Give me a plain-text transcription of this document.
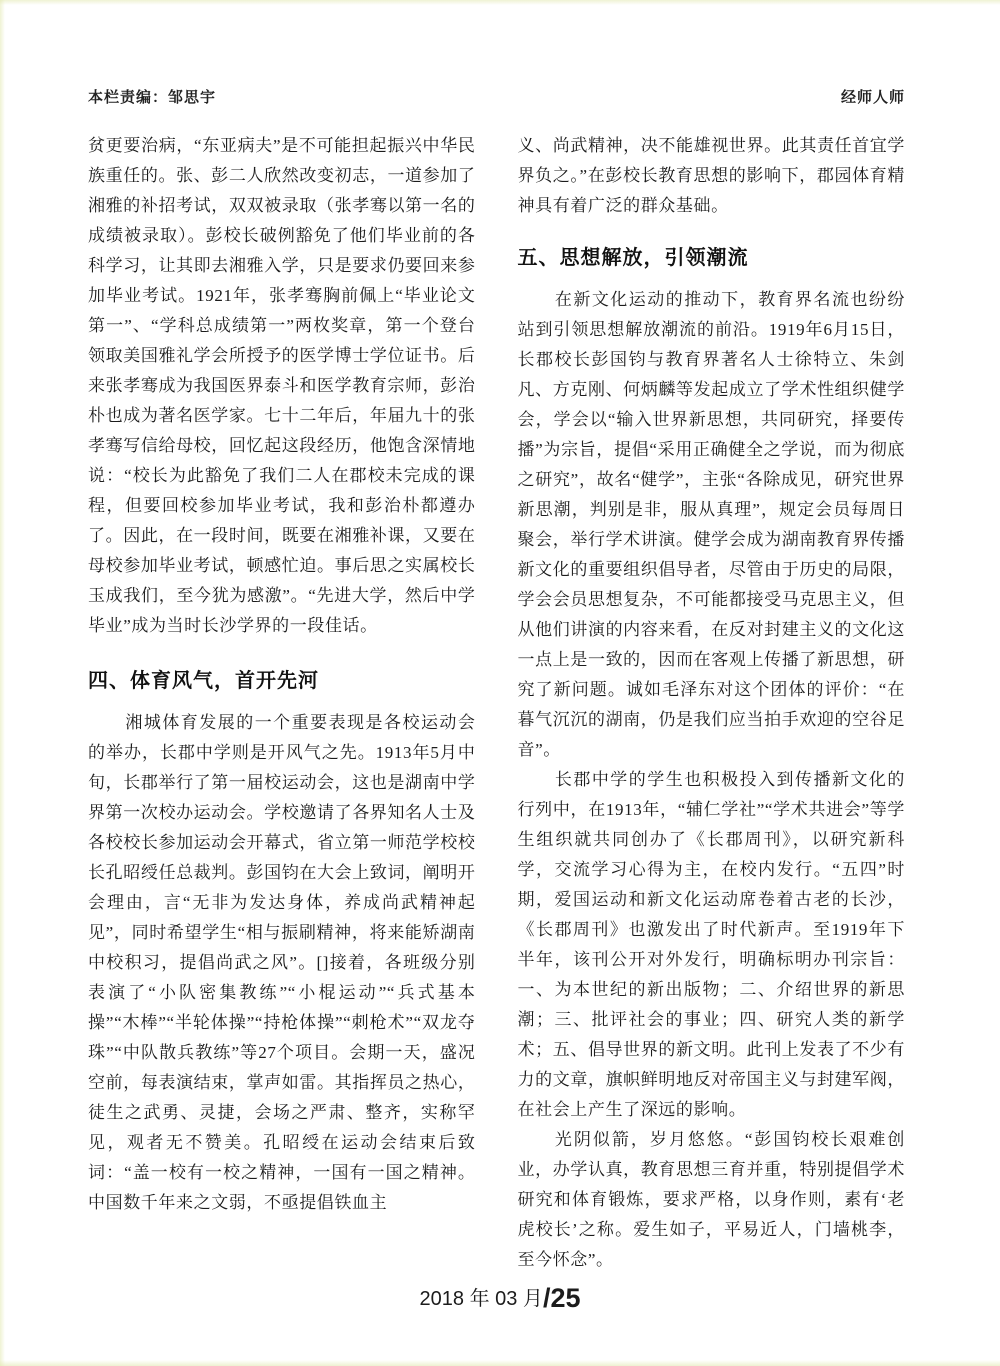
本栏责编：邹思宇	经师人师

贫更要治病，“东亚病夫”是不可能担起振兴中华民族重任的。张、彭二人欣然改变初志，一道参加了湘雅的补招考试，双双被录取（张孝骞以第一名的成绩被录取）。彭校长破例豁免了他们毕业前的各科学习，让其即去湘雅入学，只是要求仍要回来参加毕业考试。1921年，张孝骞胸前佩上“毕业论文第一”、“学科总成绩第一”两枚奖章，第一个登台领取美国雅礼学会所授予的医学博士学位证书。后来张孝骞成为我国医界泰斗和医学教育宗师，彭治朴也成为著名医学家。七十二年后，年届九十的张孝骞写信给母校，回忆起这段经历，他饱含深情地说：“校长为此豁免了我们二人在郡校未完成的课程，但要回校参加毕业考试，我和彭治朴都遵办了。因此，在一段时间，既要在湘雅补课，又要在母校参加毕业考试，顿感忙迫。事后思之实属校长玉成我们，至今犹为感激”。“先进大学，然后中学毕业”成为当时长沙学界的一段佳话。

四、体育风气，首开先河

湘城体育发展的一个重要表现是各校运动会的举办，长郡中学则是开风气之先。1913年5月中旬，长郡举行了第一届校运动会，这也是湖南中学界第一次校办运动会。学校邀请了各界知名人士及各校校长参加运动会开幕式，省立第一师范学校校长孔昭绶任总裁判。彭国钧在大会上致词，阐明开会理由，言“无非为发达身体，养成尚武精神起见”，同时希望学生“相与振刷精神，将来能矫湖南中校积习，提倡尚武之风”。[]接着，各班级分别表演了“小队密集教练”“小棍运动”“兵式基本操”“木棒”“半轮体操”“持枪体操”“刺枪术”“双龙夺珠”“中队散兵教练”等27个项目。会期一天，盛况空前，每表演结束，掌声如雷。其指挥员之热心，徒生之武勇、灵捷，会场之严肃、整齐，实称罕见，观者无不赞美。孔昭绶在运动会结束后致词：“盖一校有一校之精神，一国有一国之精神。中国数千年来之文弱，不亟提倡铁血主

义、尚武精神，决不能雄视世界。此其责任首宜学界负之。”在彭校长教育思想的影响下，郡园体育精神具有着广泛的群众基础。

五、思想解放，引领潮流

在新文化运动的推动下，教育界名流也纷纷站到引领思想解放潮流的前沿。1919年6月15日，长郡校长彭国钧与教育界著名人士徐特立、朱剑凡、方克刚、何炳麟等发起成立了学术性组织健学会，学会以“输入世界新思想，共同研究，择要传播”为宗旨，提倡“采用正确健全之学说，而为彻底之研究”，故名“健学”，主张“各除成见，研究世界新思潮，判别是非，服从真理”，规定会员每周日聚会，举行学术讲演。健学会成为湖南教育界传播新文化的重要组织倡导者，尽管由于历史的局限，学会会员思想复杂，不可能都接受马克思主义，但从他们讲演的内容来看，在反对封建主义的文化这一点上是一致的，因而在客观上传播了新思想，研究了新问题。诚如毛泽东对这个团体的评价：“在暮气沉沉的湖南，仍是我们应当拍手欢迎的空谷足音”。

长郡中学的学生也积极投入到传播新文化的行列中，在1913年，“辅仁学社”“学术共进会”等学生组织就共同创办了《长郡周刊》，以研究新科学，交流学习心得为主，在校内发行。“五四”时期，爱国运动和新文化运动席卷着古老的长沙，《长郡周刊》也激发出了时代新声。至1919年下半年，该刊公开对外发行，明确标明办刊宗旨：一、为本世纪的新出版物；二、介绍世界的新思潮；三、批评社会的事业；四、研究人类的新学术；五、倡导世界的新文明。此刊上发表了不少有力的文章，旗帜鲜明地反对帝国主义与封建军阀，在社会上产生了深远的影响。

光阴似箭，岁月悠悠。“彭国钧校长艰难创业，办学认真，教育思想三育并重，特别提倡学术研究和体育锻炼，要求严格，以身作则，素有‘老虎校长’之称。爱生如子，平易近人，门墙桃李，至今怀念”。

2018 年 03 月/25
